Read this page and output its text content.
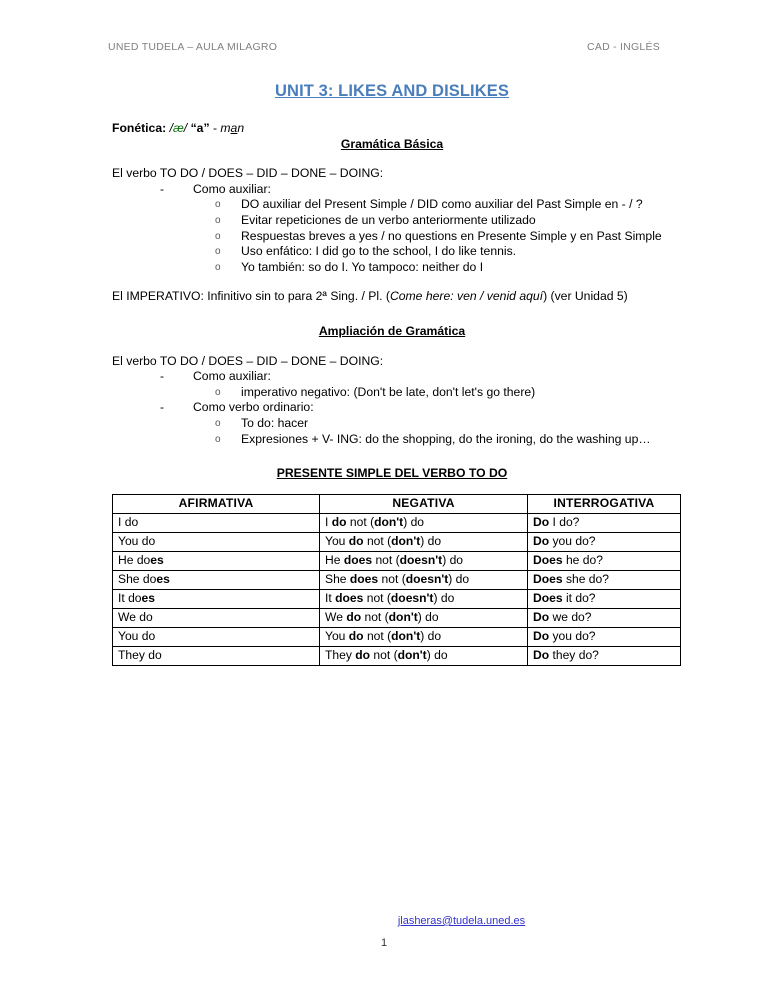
UNED TUDELA – AULA MILAGRO	CAD - INGLÉS
UNIT 3: LIKES AND DISLIKES

Fonética: /æ/ “a” - man

Gramática Básica

El verbo TO DO / DOES – DID – DONE – DOING:

- Como auxiliar:
o DO auxiliar del Present Simple / DID como auxiliar del Past Simple en - / ?
o Evitar repeticiones de un verbo anteriormente utilizado
o Respuestas breves a yes / no questions en Presente Simple y en Past Simple
o Uso enfático: I did go to the school, I do like tennis.
o Yo también: so do I. Yo tampoco: neither do I

El IMPERATIVO: Infinitivo sin to para 2ª Sing. / Pl. (Come here: ven / venid aquí) (ver Unidad 5)

Ampliación de Gramática

El verbo TO DO / DOES – DID – DONE – DOING:

- Como auxiliar:
o imperativo negativo: (Don't be late, don't let's go there)
- Como verbo ordinario:
o To do: hacer
o Expresiones + V- ING: do the shopping, do the ironing, do the washing up…
PRESENTE SIMPLE DEL VERBO TO DO
AFIRMATIVA	NEGATIVA	INTERROGATIVA
I do	I do not (don't) do	Do I do?
You do	You do not (don't) do	Do you do?
He does	He does not (doesn't) do	Does he do?
She does	She does not (doesn't) do	Does she do?
It does	It does not (doesn't) do	Does it do?
We do	We do not (don't) do	Do we do?
You do	You do not (don't) do	Do you do?
They do	They do not (don't) do	Do they do?
jlasheras@tudela.uned.es
1
